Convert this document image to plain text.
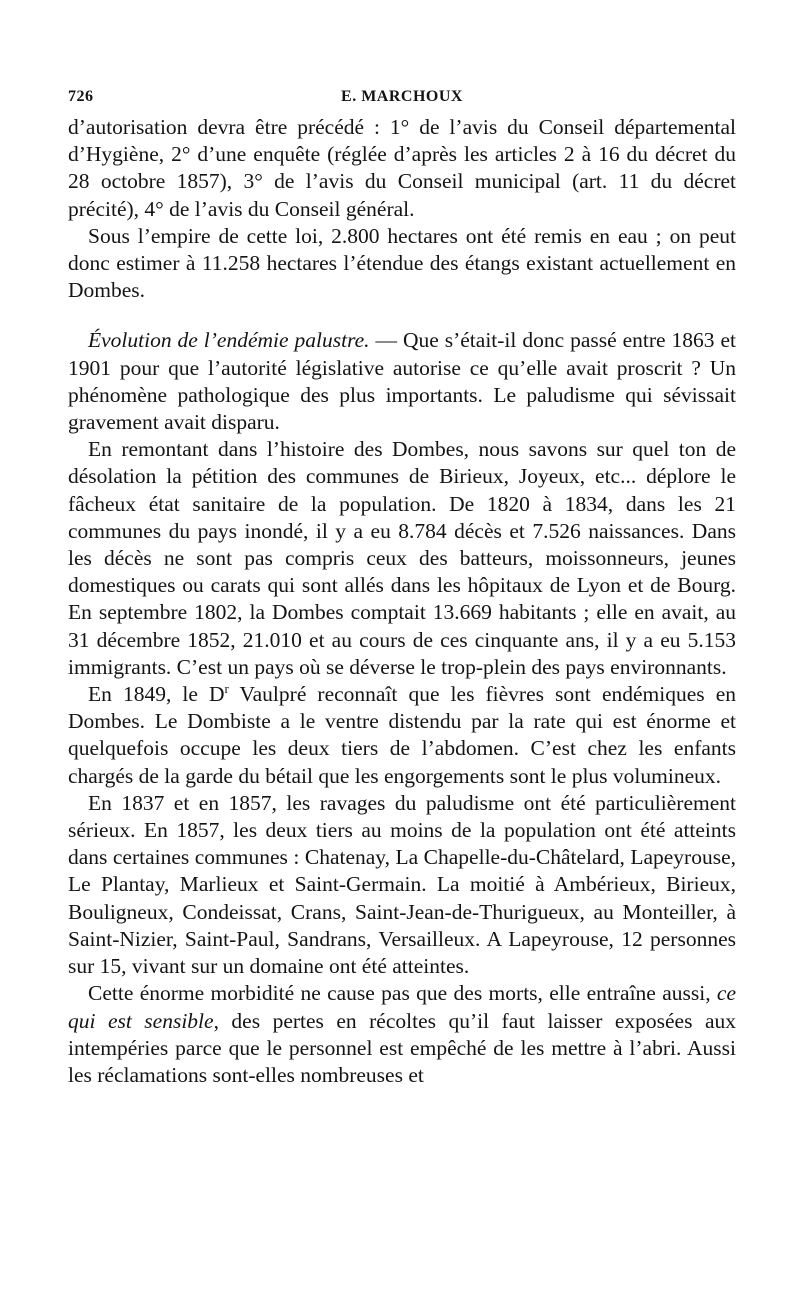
726	E. MARCHOUX

d’autorisation devra être précédé : 1° de l’avis du Conseil départemental d’Hygiène, 2° d’une enquête (réglée d’après les articles 2 à 16 du décret du 28 octobre 1857), 3° de l’avis du Conseil municipal (art. 11 du décret précité), 4° de l’avis du Conseil général.

Sous l’empire de cette loi, 2.800 hectares ont été remis en eau ; on peut donc estimer à 11.258 hectares l’étendue des étangs existant actuellement en Dombes.

Évolution de l’endémie palustre. — Que s’était-il donc passé entre 1863 et 1901 pour que l’autorité législative autorise ce qu’elle avait proscrit ? Un phénomène pathologique des plus importants. Le paludisme qui sévissait gravement avait disparu.

En remontant dans l’histoire des Dombes, nous savons sur quel ton de désolation la pétition des communes de Birieux, Joyeux, etc... déplore le fâcheux état sanitaire de la population. De 1820 à 1834, dans les 21 communes du pays inondé, il y a eu 8.784 décès et 7.526 naissances. Dans les décès ne sont pas compris ceux des batteurs, moissonneurs, jeunes domestiques ou carats qui sont allés dans les hôpitaux de Lyon et de Bourg. En septembre 1802, la Dombes comptait 13.669 habitants ; elle en avait, au 31 décembre 1852, 21.010 et au cours de ces cinquante ans, il y a eu 5.153 immigrants. C’est un pays où se déverse le trop-plein des pays environnants.

En 1849, le $D^r$ Vaulpré reconnaît que les fièvres sont endémiques en Dombes. Le Dombiste a le ventre distendu par la rate qui est énorme et quelquefois occupe les deux tiers de l’abdomen. C’est chez les enfants chargés de la garde du bétail que les engorgements sont le plus volumineux.

En 1837 et en 1857, les ravages du paludisme ont été particulièrement sérieux. En 1857, les deux tiers au moins de la population ont été atteints dans certaines communes : Chatenay, La Chapelle-du-Châtelard, Lapeyrouse, Le Plantay, Marlieux et Saint-Germain. La moitié à Ambérieux, Birieux, Bouligneux, Condeissat, Crans, Saint-Jean-de-Thurigueux, au Monteiller, à Saint-Nizier, Saint-Paul, Sandrans, Versailleux. A Lapeyrouse, 12 personnes sur 15, vivant sur un domaine ont été atteintes.

Cette énorme morbidité ne cause pas que des morts, elle entraîne aussi, ce qui est sensible, des pertes en récoltes qu’il faut laisser exposées aux intempéries parce que le personnel est empêché de les mettre à l’abri. Aussi les réclamations sont-elles nombreuses et
